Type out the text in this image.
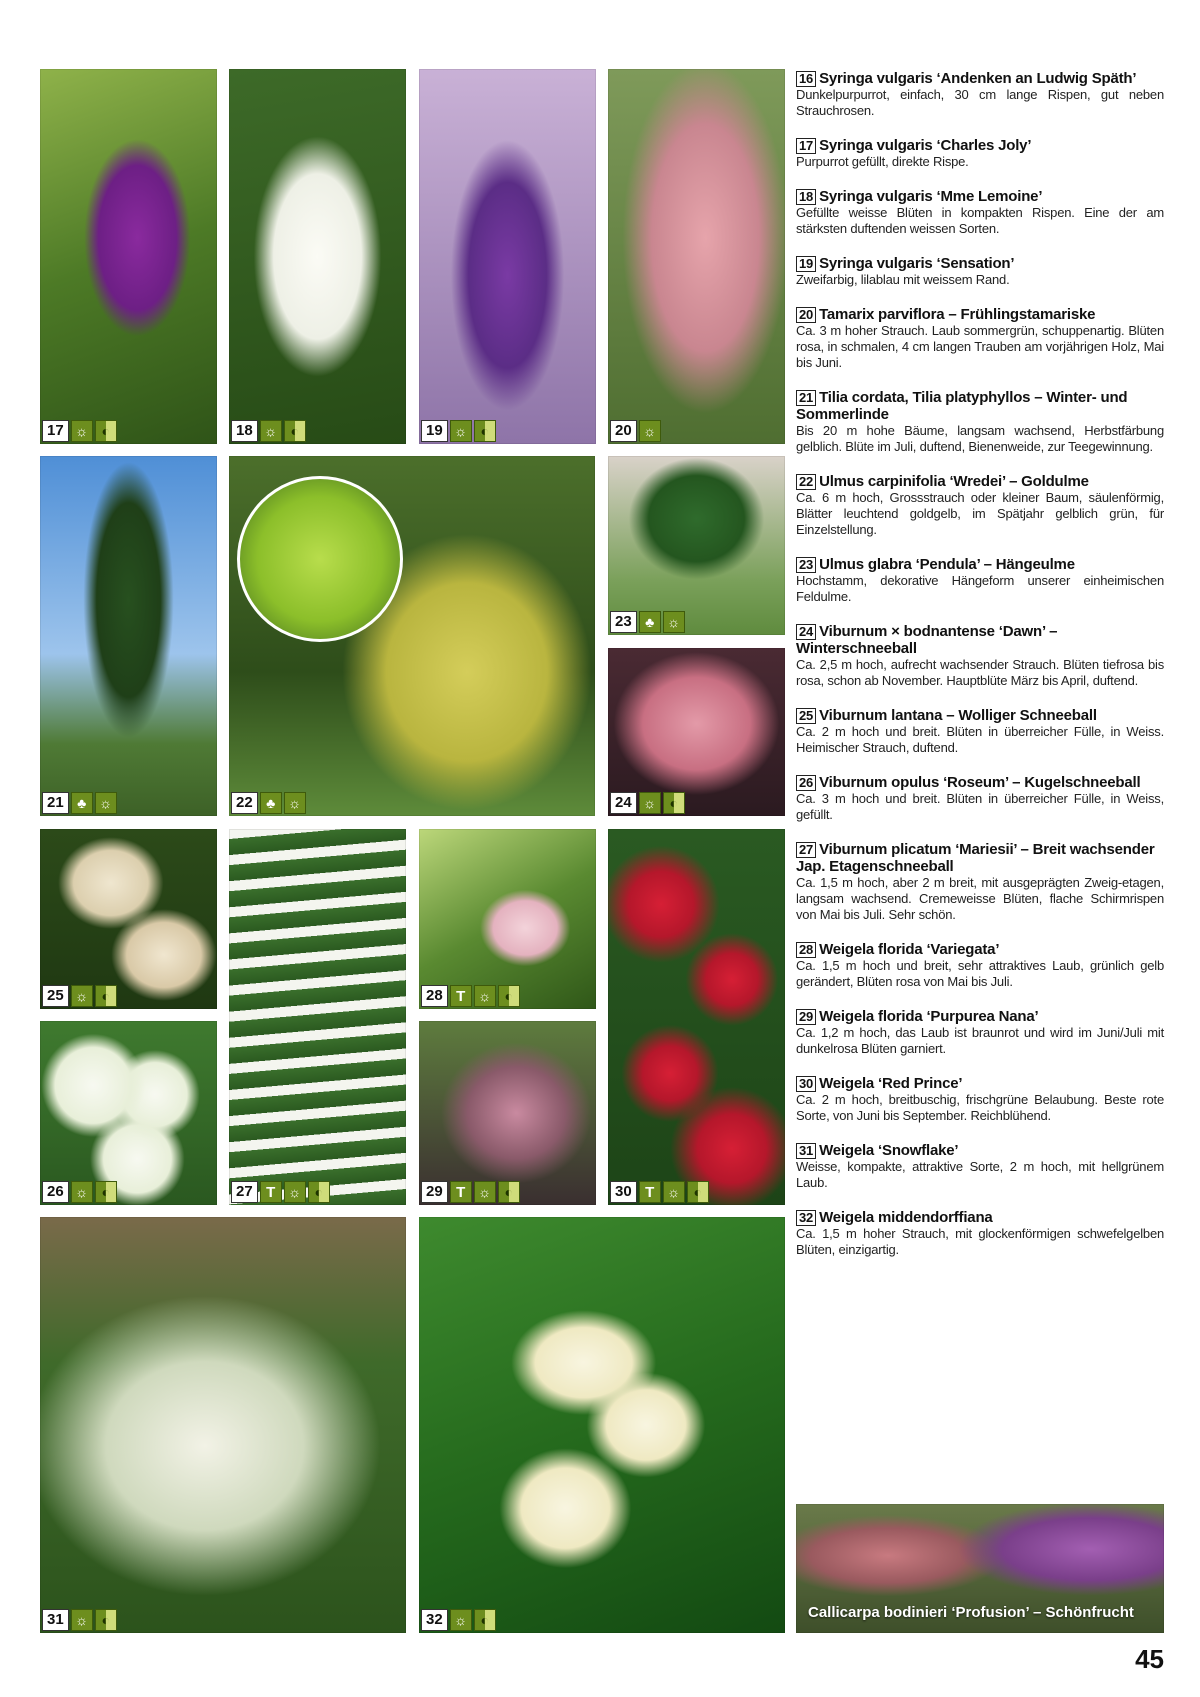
17 ☼ ◐	18 ☼ ◐	19 ☼ ◐	20 ☼
21 ♣ ☼	22 ♣ ☼
23 ♣ ☼
24 ☼ ◐
25 ☼ ◐
26 ☼ ◐	27 T ☼ ◐
28 T ☼ ◐
29 T ☼ ◐	30 T ☼ ◐
31 ☼ ◐	32 ☼ ◐	Callicarpa bodinieri ‘Profusion’ – Schönfrucht
16 Syringa vulgaris ‘Andenken an Ludwig Späth’
Dunkelpurpurrot, einfach, 30 cm lange Rispen, gut neben Strauchrosen.
17 Syringa vulgaris ‘Charles Joly’
Purpurrot gefüllt, direkte Rispe.
18 Syringa vulgaris ‘Mme Lemoine’
Gefüllte weisse Blüten in kompakten Rispen. Eine der am stärksten duftenden weissen Sorten.
19 Syringa vulgaris ‘Sensation’
Zweifarbig, lilablau mit weissem Rand.
20 Tamarix parviflora – Frühlingstamariske
Ca. 3 m hoher Strauch. Laub sommergrün, schuppenartig. Blüten rosa, in schmalen, 4 cm langen Trauben am vorjährigen Holz, Mai bis Juni.
21 Tilia cordata, Tilia platyphyllos – Winter- und Sommerlinde
Bis 20 m hohe Bäume, langsam wachsend, Herbstfärbung gelblich. Blüte im Juli, duftend, Bienenweide, zur Teegewinnung.
22 Ulmus carpinifolia ‘Wredei’ – Goldulme
Ca. 6 m hoch, Grossstrauch oder kleiner Baum, säulenförmig, Blätter leuchtend goldgelb, im Spätjahr gelblich grün, für Einzelstellung.
23 Ulmus glabra ‘Pendula’ – Hängeulme
Hochstamm, dekorative Hängeform unserer einheimischen Feldulme.
24 Viburnum × bodnantense ‘Dawn’ – Winterschneeball
Ca. 2,5 m hoch, aufrecht wachsender Strauch. Blüten tiefrosa bis rosa, schon ab November. Hauptblüte März bis April, duftend.
25 Viburnum lantana – Wolliger Schneeball
Ca. 2 m hoch und breit. Blüten in überreicher Fülle, in Weiss. Heimischer Strauch, duftend.
26 Viburnum opulus ‘Roseum’ – Kugelschneeball
Ca. 3 m hoch und breit. Blüten in überreicher Fülle, in Weiss, gefüllt.
27 Viburnum plicatum ‘Mariesii’ – Breit wachsender Jap. Etagenschneeball
Ca. 1,5 m hoch, aber 2 m breit, mit ausgeprägten Zweig-etagen, langsam wachsend. Cremeweisse Blüten, flache Schirmrispen von Mai bis Juli. Sehr schön.
28 Weigela florida ‘Variegata’
Ca. 1,5 m hoch und breit, sehr attraktives Laub, grünlich gelb gerändert, Blüten rosa von Mai bis Juli.
29 Weigela florida ‘Purpurea Nana’
Ca. 1,2 m hoch, das Laub ist braunrot und wird im Juni/Juli mit dunkelrosa Blüten garniert.
30 Weigela ‘Red Prince’
Ca. 2 m hoch, breitbuschig, frischgrüne Belaubung. Beste rote Sorte, von Juni bis September. Reichblühend.
31 Weigela ‘Snowflake’
Weisse, kompakte, attraktive Sorte, 2 m hoch, mit hellgrünem Laub.
32 Weigela middendorffiana
Ca. 1,5 m hoher Strauch, mit glockenförmigen schwefelgelben Blüten, einzigartig.
45
